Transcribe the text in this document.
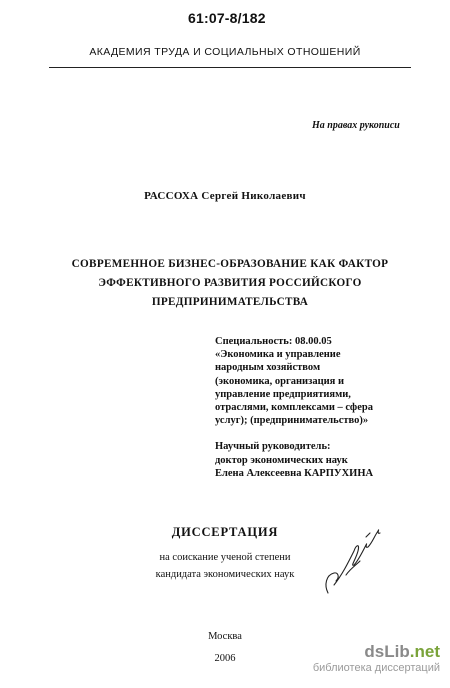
61:07-8/182
АКАДЕМИЯ ТРУДА И СОЦИАЛЬНЫХ ОТНОШЕНИЙ
На правах рукописи
РАССОХА Сергей Николаевич
СОВРЕМЕННОЕ БИЗНЕС-ОБРАЗОВАНИЕ КАК ФАКТОР
ЭФФЕКТИВНОГО РАЗВИТИЯ РОССИЙСКОГО
ПРЕДПРИНИМАТЕЛЬСТВА
Специальность: 08.00.05
«Экономика и управление
народным хозяйством
(экономика, организация и
управление предприятиями,
отраслями, комплексами – сфера
услуг); (предпринимательство)»
Научный руководитель:
доктор экономических наук
Елена Алексеевна КАРПУХИНА
ДИССЕРТАЦИЯ
на соискание ученой степени
кандидата экономических наук
Москва
2006	dsLib.net
библиотека диссертаций
